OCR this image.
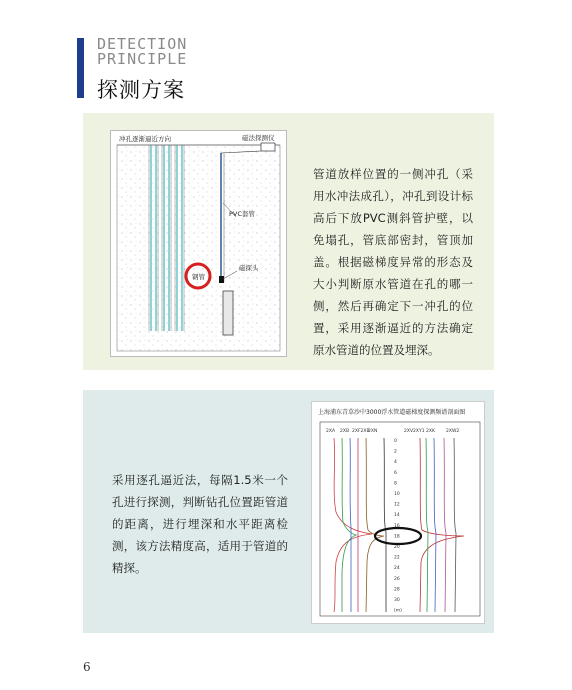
DETECTION
PRINCIPLE
探测方案
冲孔逐渐逼近方向	磁法探测仪
PVC套管
磁探头
钢管
管道放样位置的一侧冲孔（采用水冲法成孔），冲孔到设计标高后下放PVC测斜管护壁，以免塌孔，管底部密封，管顶加盖。根据磁梯度异常的形态及大小判断原水管道在孔的哪一侧，然后再确定下一冲孔的位置，采用逐渐逼近的方法确定原水管道的位置及埋深。
上海浦东青草沙中3000浮水管道磁梯度探测频谱剖面图
2XA 2XB 2XF2XB
2XN	2XV2XY1 2XK 2XW2
0
2
4
6
8
10
12
14
16
18
20
22
24
26
28
30
(m)
采用逐孔逼近法，每隔1.5米一个孔进行探测，判断钻孔位置距管道的距离，进行埋深和水平距离检测，该方法精度高，适用于管道的精探。
6
